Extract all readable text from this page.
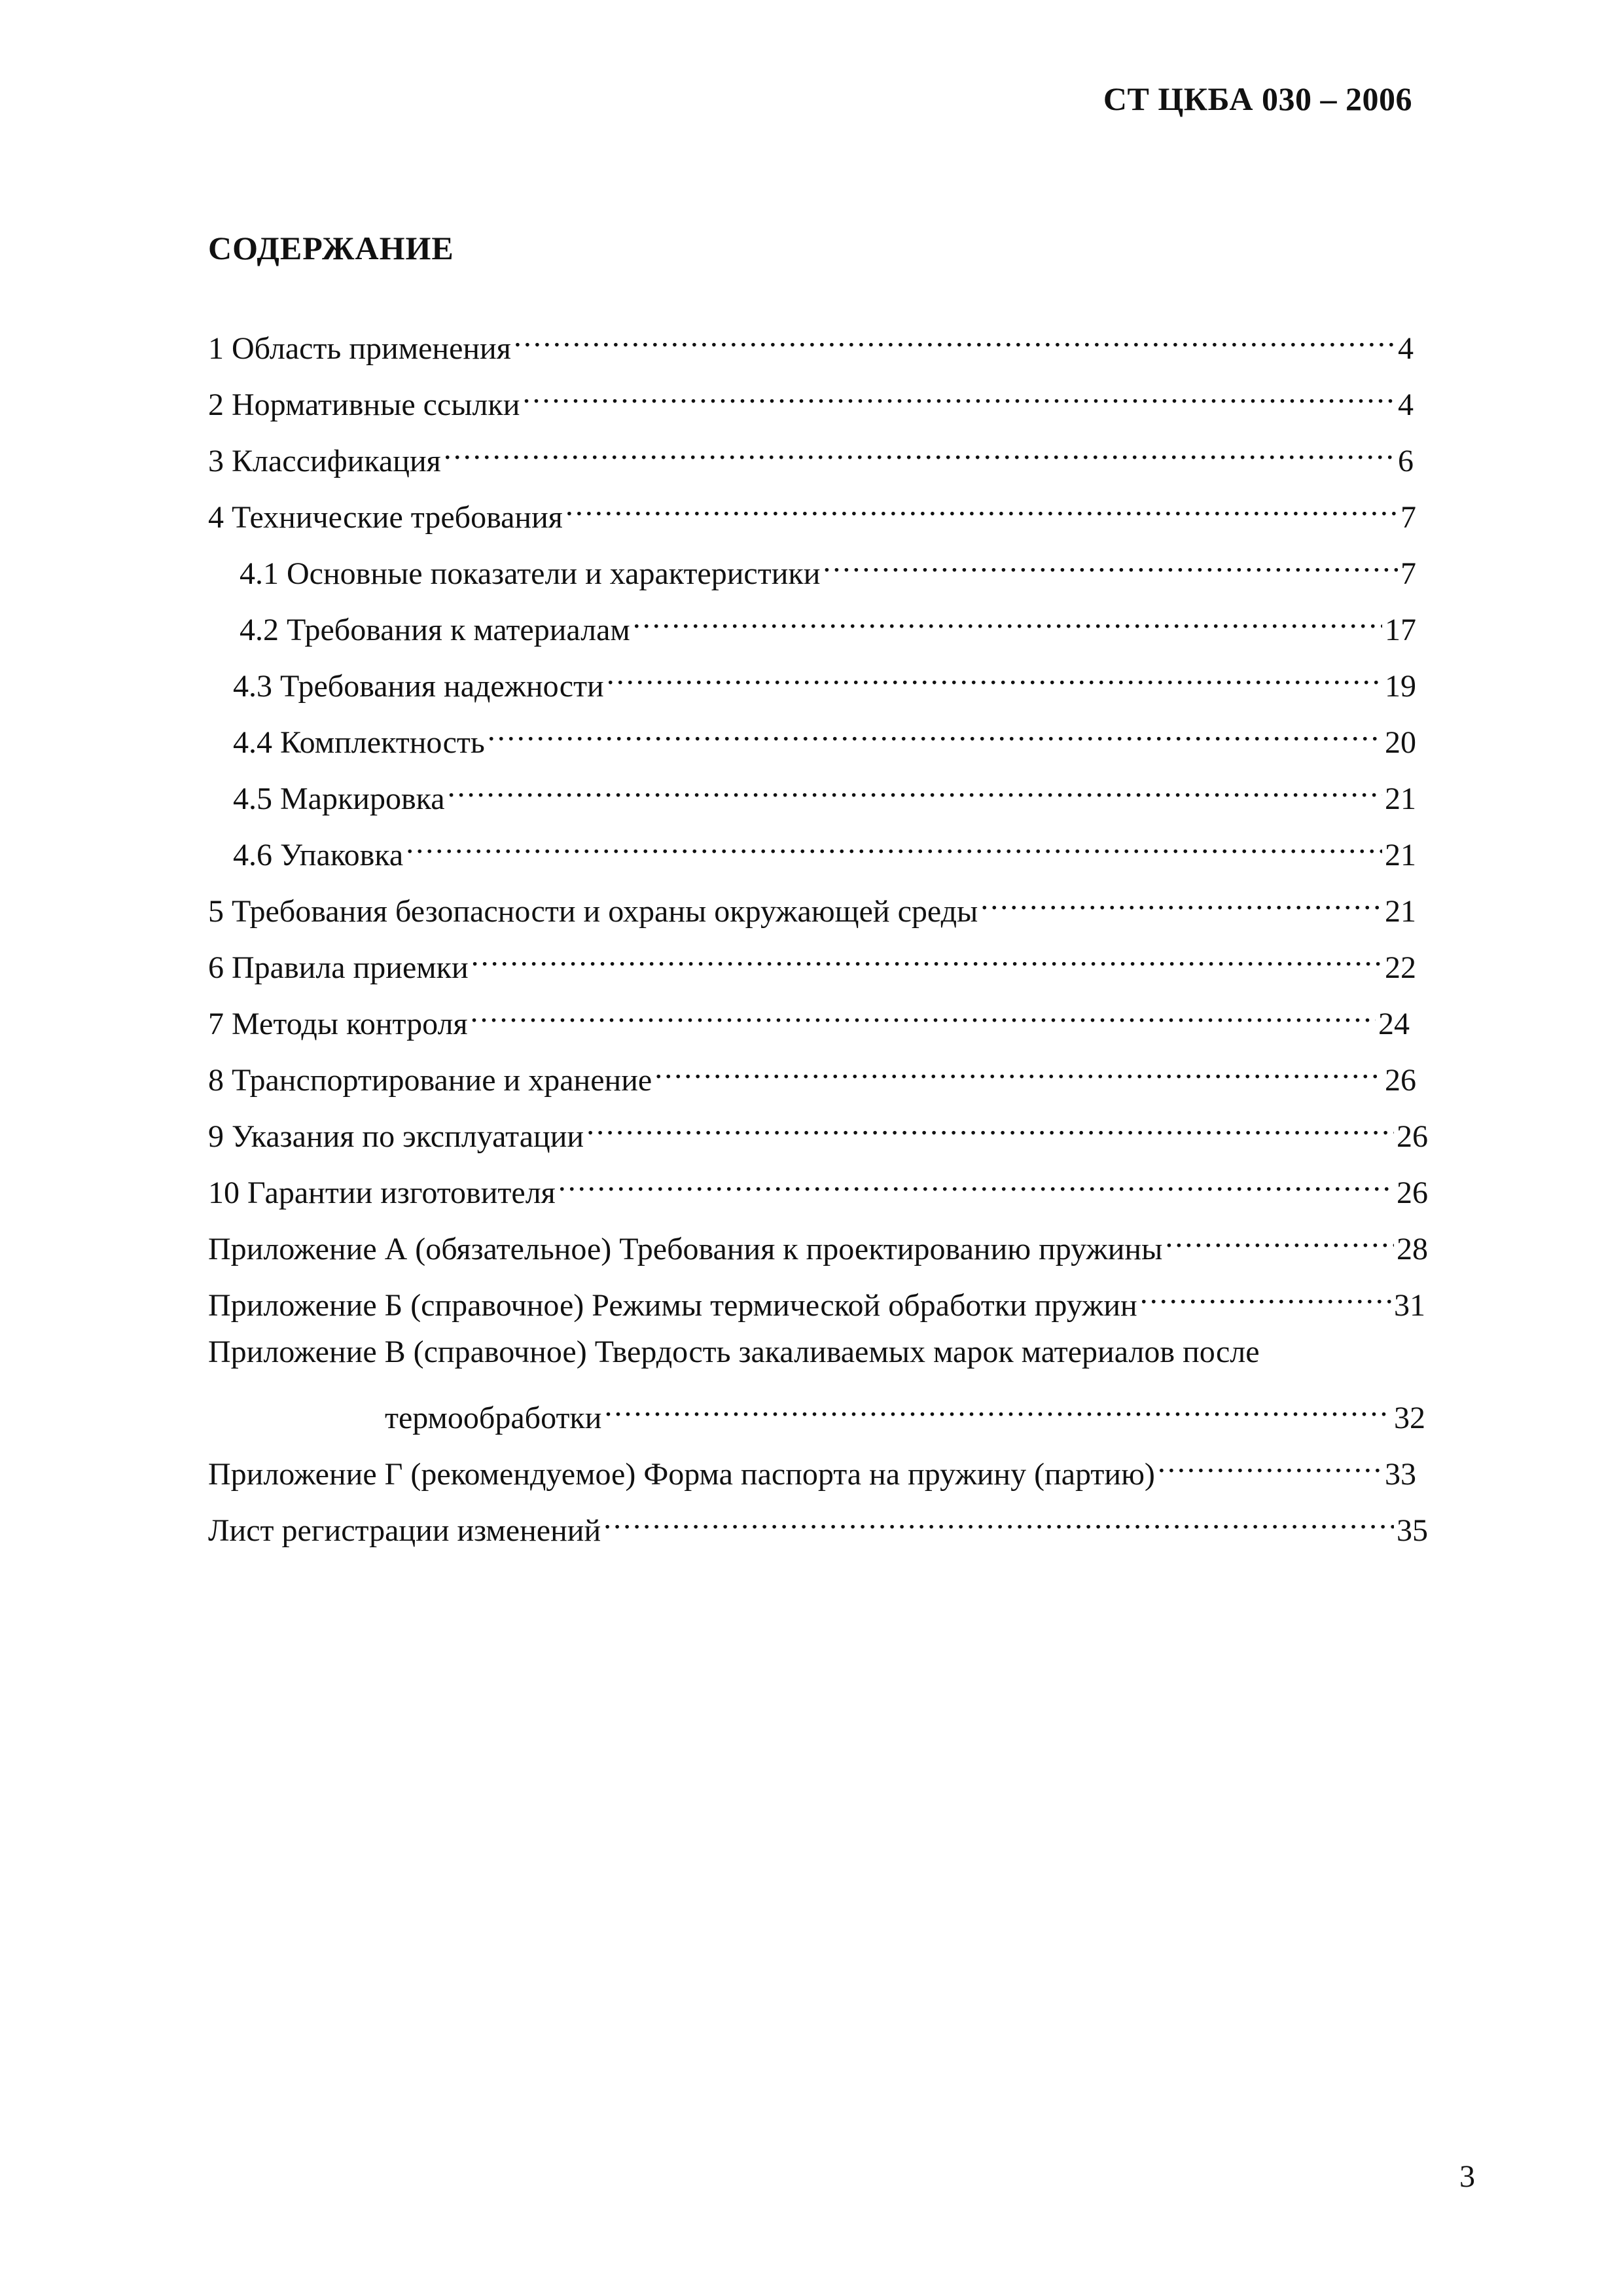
СТ ЦКБА 030 – 2006
СОДЕРЖАНИЕ
1 Область применения .....	4
2 Нормативные ссылки .....	4
3 Классификация .....	6
4 Технические требования .....	7
4.1 Основные показатели и характеристики .....	7
4.2 Требования к материалам .....	17
4.3 Требования надежности .....	19
4.4 Комплектность .....	20
4.5 Маркировка .....	21
4.6 Упаковка .....	21
5 Требования безопасности и охраны окружающей среды .....	21
6 Правила приемки .....	22
7 Методы контроля .....	24
8 Транспортирование и хранение .....	26
9 Указания по эксплуатации .....	26
10 Гарантии изготовителя .....	26
Приложение А (обязательное) Требования к проектированию пружины .....	28
Приложение Б (справочное) Режимы термической обработки пружин .....	31
Приложение В (справочное) Твердость закаливаемых марок материалов после
термообработки .....	32
Приложение Г (рекомендуемое) Форма паспорта на пружину (партию) .....	33
Лист регистрации изменений .....	35
3
